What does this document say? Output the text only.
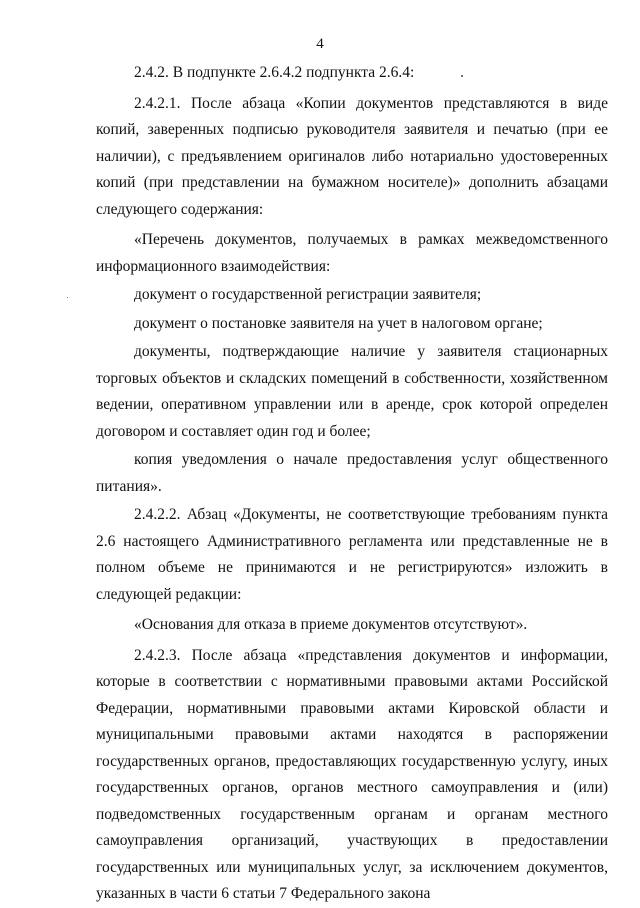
4

2.4.2. В подпункте 2.6.4.2 подпункта 2.6.4:

2.4.2.1. После абзаца «Копии документов представляются в виде копий, заверенных подписью руководителя заявителя и печатью (при ее наличии), с предъявлением оригиналов либо нотариально удостоверенных копий (при представлении на бумажном носителе)» дополнить абзацами следующего содержания:

«Перечень документов, получаемых в рамках межведомственного информационного взаимодействия:

документ о государственной регистрации заявителя;

документ о постановке заявителя на учет в налоговом органе;

документы, подтверждающие наличие у заявителя стационарных торговых объектов и складских помещений в собственности, хозяйственном ведении, оперативном управлении или в аренде, срок которой определен договором и составляет один год и более;

копия уведомления о начале предоставления услуг общественного питания».

2.4.2.2. Абзац «Документы, не соответствующие требованиям пункта 2.6 настоящего Административного регламента или представленные не в полном объеме не принимаются и не регистрируются» изложить в следующей редакции:

«Основания для отказа в приеме документов отсутствуют».

2.4.2.3. После абзаца «представления документов и информации, которые в соответствии с нормативными правовыми актами Российской Федерации, нормативными правовыми актами Кировской области и муниципальными правовыми актами находятся в распоряжении государственных органов, предоставляющих государственную услугу, иных государственных органов, органов местного самоуправления и (или) подведомственных государственным органам и органам местного самоуправления организаций, участвующих в предоставлении государственных или муниципальных услуг, за исключением документов, указанных в части 6 статьи 7 Федерального закона
